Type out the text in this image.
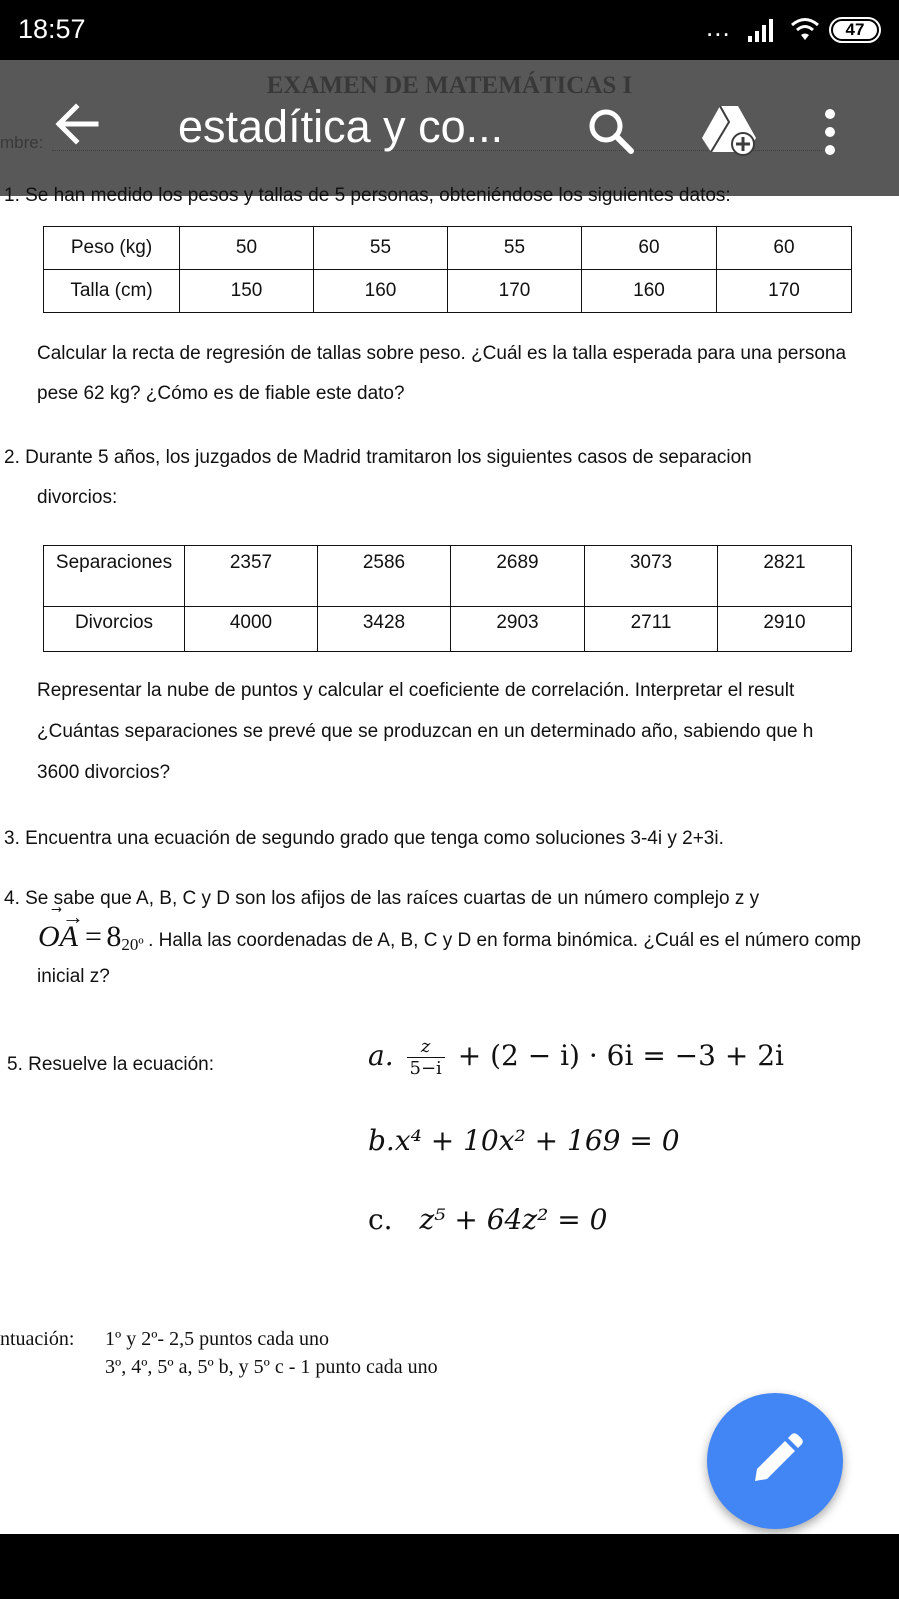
18:57	...	47
estadítica y co...
1. Se han medido los pesos y tallas de 5 personas, obteniéndose los siguientes datos:
Peso (kg)	50	55	55	60	60
Talla (cm)	150	160	170	160	170
Calcular la recta de regresión de tallas sobre peso. ¿Cuál es la talla esperada para una persona
pese 62 kg? ¿Cómo es de fiable este dato?
2. Durante 5 años, los juzgados de Madrid tramitaron los siguientes casos de separacion
divorcios:
Separaciones	2357	2586	2689	3073	2821
Divorcios	4000	3428	2903	2711	2910
Representar la nube de puntos y calcular el coeficiente de correlación. Interpretar el result
¿Cuántas separaciones se prevé que se produzcan en un determinado año, sabiendo que h
3600 divorcios?
3. Encuentra una ecuación de segundo grado que tenga como soluciones 3-4i y 2+3i.
4. Se sabe que A, B, C y D son los afijos de las raíces cuartas de un número complejo z y
⃗→
OA = $8_{20º}$ . Halla las coordenadas de A, B, C y D en forma binómica. ¿Cuál es el número comp
inicial z?
5. Resuelve la ecuación:	a. $\frac{z}{5-i} + (2 - i) \cdot 6i = -3 + 2i$
b.x⁴ + 10x² + 169 = 0
c. z⁵ + 64z² = 0
ntuación: 1º y 2º- 2,5 puntos cada uno
3º, 4º, 5º a, 5º b, y 5º c - 1 punto cada uno
